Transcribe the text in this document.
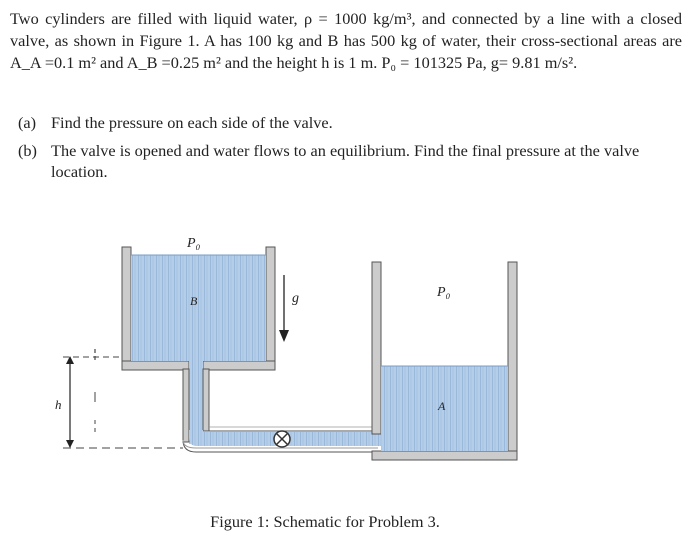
Two cylinders are filled with liquid water, ρ = 1000 kg/m³, and connected by a line with a closed valve, as shown in Figure 1. A has 100 kg and B has 500 kg of water, their cross-sectional areas are A_A =0.1 m² and A_B =0.25 m² and the height h is 1 m. P₀ = 101325 Pa, g= 9.81 m/s².

(a) Find the pressure on each side of the valve.
(b) The valve is opened and water flows to an equilibrium. Find the final pressure at the valve location.
P₀
P₀
B
A
g
h
Figure 1: Schematic for Problem 3.
